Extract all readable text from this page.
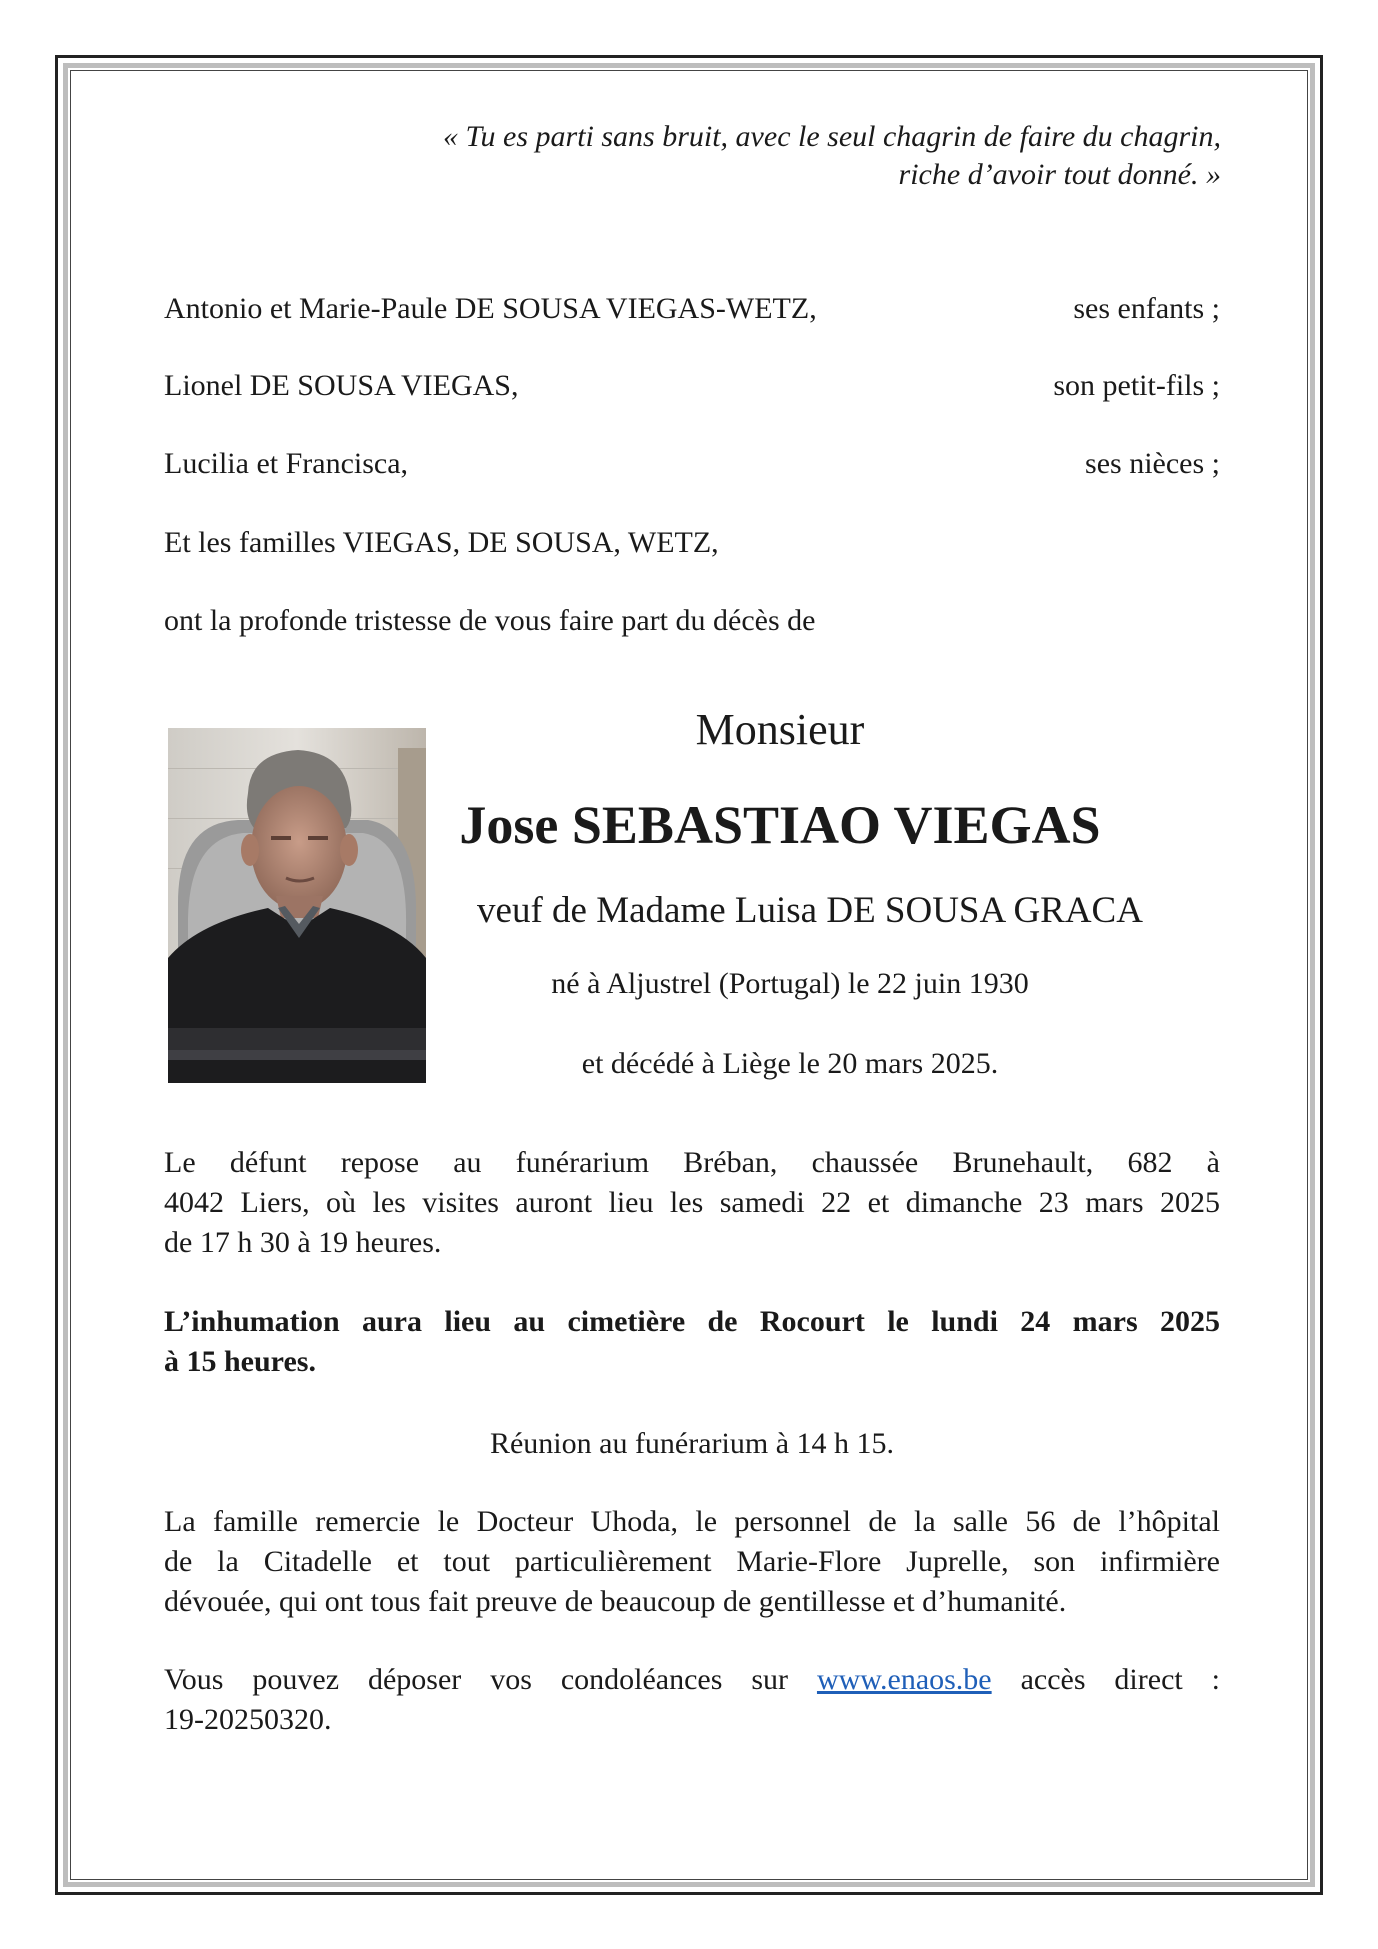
« Tu es parti sans bruit, avec le seul chagrin de faire du chagrin,
riche d’avoir tout donné. »
Antonio et Marie-Paule DE SOUSA VIEGAS-WETZ,	ses enfants ;
Lionel DE SOUSA VIEGAS,	son petit-fils ;
Lucilia et Francisca,	ses nièces ;
Et les familles VIEGAS, DE SOUSA, WETZ,
ont la profonde tristesse de vous faire part du décès de
Monsieur
Jose SEBASTIAO VIEGAS
veuf de Madame Luisa DE SOUSA GRACA
né à Aljustrel (Portugal) le 22 juin 1930
et décédé à Liège le 20 mars 2025.
Le défunt repose au funérarium Bréban, chaussée Brunehault, 682 à
4042 Liers, où les visites auront lieu les samedi 22 et dimanche 23 mars 2025
de 17 h 30 à 19 heures.
L’inhumation aura lieu au cimetière de Rocourt le lundi 24 mars 2025
à 15 heures.
Réunion au funérarium à 14 h 15.
La famille remercie le Docteur Uhoda, le personnel de la salle 56 de l’hôpital
de la Citadelle et tout particulièrement Marie-Flore Juprelle, son infirmière
dévouée, qui ont tous fait preuve de beaucoup de gentillesse et d’humanité.
Vous pouvez déposer vos condoléances sur www.enaos.be accès direct :
19-20250320.
